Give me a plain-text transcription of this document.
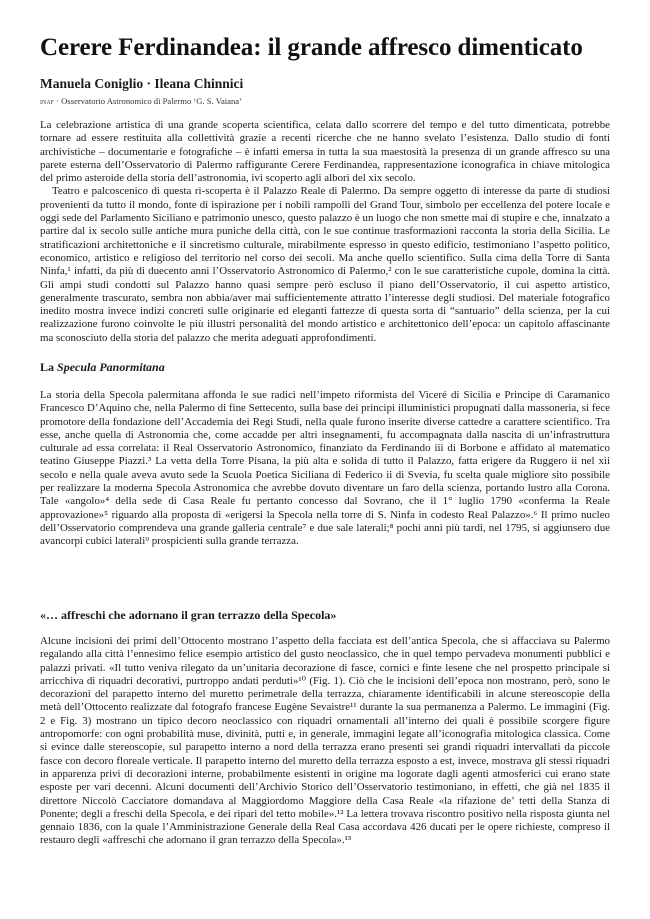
Cerere Ferdinandea: il grande affresco dimenticato

Manuela Coniglio · Ileana Chinnici

inaf · Osservatorio Astronomico di Palermo ‘G. S. Vaiana’

La celebrazione artistica di una grande scoperta scientifica, celata dallo scorrere del tempo e del tutto dimenticata, potrebbe tornare ad essere restituita alla collettività grazie a recenti ricerche che ne hanno svelato l’esistenza. Dallo studio di fonti archivistiche – documentarie e fotografiche – è infatti emersa in tutta la sua maestosità la presenza di un grande affresco su una parete esterna dell’Osservatorio di Palermo raffigurante Cerere Ferdinandea, rappresentazione iconografica in chiave mitologica del primo asteroide della storia dell’astronomia, ivi scoperto agli albori del xix secolo.

Teatro e palcoscenico di questa ri-scoperta è il Palazzo Reale di Palermo. Da sempre oggetto di interesse da parte di studiosi provenienti da tutto il mondo, fonte di ispirazione per i nobili rampolli del Grand Tour, simbolo per eccellenza del potere locale e oggi sede del Parlamento Siciliano e patrimonio unesco, questo palazzo è un luogo che non smette mai di stupire e che, innalzato a partire dal ix secolo sulle antiche mura puniche della città, con le sue continue trasformazioni racconta la storia della Sicilia. Le stratificazioni architettoniche e il sincretismo culturale, mirabilmente espresso in questo edificio, testimoniano l’aspetto politico, economico, artistico e religioso del territorio nel corso dei secoli. Ma anche quello scientifico. Sulla cima della Torre di Santa Ninfa,¹ infatti, da più di duecento anni l’Osservatorio Astronomico di Palermo,² con le sue caratteristiche cupole, domina la città. Gli ampi studi condotti sul Palazzo hanno quasi sempre però escluso il piano dell’Osservatorio, il cui aspetto artistico, generalmente trascurato, sembra non abbia/aver mai sufficientemente attratto l’interesse degli studiosi. Del materiale fotografico inedito mostra invece indizi concreti sulle originarie ed eleganti fattezze di questa sorta di “santuario” della scienza, per la cui realizzazione furono coinvolte le più illustri personalità del mondo artistico e architettonico dell’epoca: un capitolo affascinante ma sconosciuto della storia del palazzo che merita adeguati approfondimenti.

La Specula Panormitana

La storia della Specola palermitana affonda le sue radici nell’impeto riformista del Viceré di Sicilia e Principe di Caramanico Francesco D’Aquino che, nella Palermo di fine Settecento, sulla base dei principi illuministici propugnati dalla massoneria, si fece promotore della fondazione dell’Accademia dei Regi Studi, nella quale furono inserite diverse cattedre a carattere scientifico. Tra esse, anche quella di Astronomia che, come accadde per altri insegnamenti, fu accompagnata dalla nascita di un’infrastruttura culturale ad essa correlata: il Real Osservatorio Astronomico, finanziato da Ferdinando iii di Borbone e affidato al matematico teatino Giuseppe Piazzi.³ La vetta della Torre Pisana, la più alta e solida di tutto il Palazzo, fatta erigere da Ruggero ii nel xii secolo e nella quale aveva avuto sede la Scuola Poetica Siciliana di Federico ii di Svevia, fu scelta quale migliore sito possibile per realizzare la moderna Specola Astronomica che avrebbe dovuto diventare un faro della scienza, portando lustro alla Corona. Tale «angolo»⁴ della sede di Casa Reale fu pertanto concesso dal Sovrano, che il 1° luglio 1790 «conferma la Reale approvazione»⁵ riguardo alla proposta di «erigersi la Specola nella torre di S. Ninfa in codesto Real Palazzo».⁶ Il primo nucleo dell’Osservatorio comprendeva una grande galleria centrale⁷ e due sale laterali;⁸ pochi anni più tardi, nel 1795, si aggiunsero due avancorpi cubici laterali⁹ prospicienti sulla grande terrazza.

«… affreschi che adornano il gran terrazzo della Specola»

Alcune incisioni dei primi dell’Ottocento mostrano l’aspetto della facciata est dell’antica Specola, che si affacciava su Palermo regalando alla città l’ennesimo felice esempio artistico del gusto neoclassico, che in quel tempo pervadeva monumenti pubblici e palazzi privati. «Il tutto veniva rilegato da un’unitaria decorazione di fasce, cornici e finte lesene che nel prospetto principale si arricchiva di riquadri decorativi, purtroppo andati perduti»¹⁰ (Fig. 1). Ciò che le incisioni dell’epoca non mostrano, però, sono le decorazioni del parapetto interno del muretto perimetrale della terrazza, chiaramente identificabili in alcune stereoscopie della metà dell’Ottocento realizzate dal fotografo francese Eugène Sevaistre¹¹ durante la sua permanenza a Palermo. Le immagini (Fig. 2 e Fig. 3) mostrano un tipico decoro neoclassico con riquadri ornamentali all’interno dei quali è possibile scorgere figure antropomorfe: con ogni probabilità muse, divinità, putti e, in generale, immagini legate all’iconografia mitologica classica. Come si evince dalle stereoscopie, sul parapetto interno a nord della terrazza erano presenti sei grandi riquadri intervallati da piccole fasce con decoro floreale verticale. Il parapetto interno del muretto della terrazza esposto a est, invece, mostrava gli stessi riquadri in apparenza privi di decorazioni interne, probabilmente esistenti in origine ma logorate dagli agenti atmosferici cui erano state esposte per vari decenni. Alcuni documenti dell’Archivio Storico dell’Osservatorio testimoniano, in effetti, che già nel 1835 il direttore Niccolò Cacciatore domandava al Maggiordomo Maggiore della Casa Reale «la rifazione de’ tetti della Stanza di Ponente; degli a freschi della Specola, e dei ripari del tetto mobile».¹² La lettera trovava riscontro positivo nella risposta giunta nel gennaio 1836, con la quale l’Amministrazione Generale della Real Casa accordava 426 ducati per le opere richieste, compreso il restauro degli «affreschi che adornano il gran terrazzo della Specola».¹³
